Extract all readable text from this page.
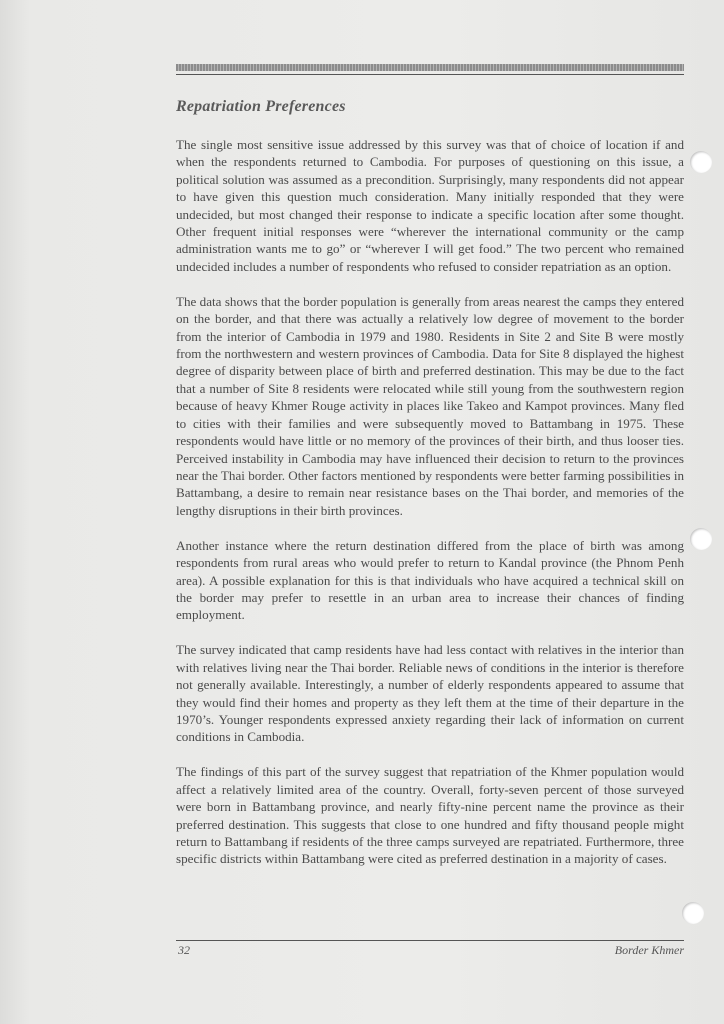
Repatriation Preferences

The single most sensitive issue addressed by this survey was that of choice of location if and when the respondents returned to Cambodia. For purposes of questioning on this issue, a political solution was assumed as a precondition. Surprisingly, many respondents did not appear to have given this question much consideration. Many initially responded that they were undecided, but most changed their response to indicate a specific location after some thought. Other frequent initial responses were “wherever the international community or the camp administration wants me to go” or “wherever I will get food.” The two percent who remained undecided includes a number of respondents who refused to consider repatriation as an option.

The data shows that the border population is generally from areas nearest the camps they entered on the border, and that there was actually a relatively low degree of movement to the border from the interior of Cambodia in 1979 and 1980. Residents in Site 2 and Site B were mostly from the northwestern and western provinces of Cambodia. Data for Site 8 displayed the highest degree of disparity between place of birth and preferred destination. This may be due to the fact that a number of Site 8 residents were relocated while still young from the southwestern region because of heavy Khmer Rouge activity in places like Takeo and Kampot provinces. Many fled to cities with their families and were subsequently moved to Battambang in 1975. These respondents would have little or no memory of the provinces of their birth, and thus looser ties. Perceived instability in Cambodia may have influenced their decision to return to the provinces near the Thai border. Other factors mentioned by respondents were better farming possibilities in Battambang, a desire to remain near resistance bases on the Thai border, and memories of the lengthy disruptions in their birth provinces.

Another instance where the return destination differed from the place of birth was among respondents from rural areas who would prefer to return to Kandal province (the Phnom Penh area). A possible explanation for this is that individuals who have acquired a technical skill on the border may prefer to resettle in an urban area to increase their chances of finding employment.

The survey indicated that camp residents have had less contact with relatives in the interior than with relatives living near the Thai border. Reliable news of conditions in the interior is therefore not generally available. Interestingly, a number of elderly respondents appeared to assume that they would find their homes and property as they left them at the time of their departure in the 1970’s. Younger respondents expressed anxiety regarding their lack of information on current conditions in Cambodia.

The findings of this part of the survey suggest that repatriation of the Khmer population would affect a relatively limited area of the country. Overall, forty-seven percent of those surveyed were born in Battambang province, and nearly fifty-nine percent name the province as their preferred destination. This suggests that close to one hundred and fifty thousand people might return to Battambang if residents of the three camps surveyed are repatriated. Furthermore, three specific districts within Battambang were cited as preferred destination in a majority of cases.

32	Border Khmer
